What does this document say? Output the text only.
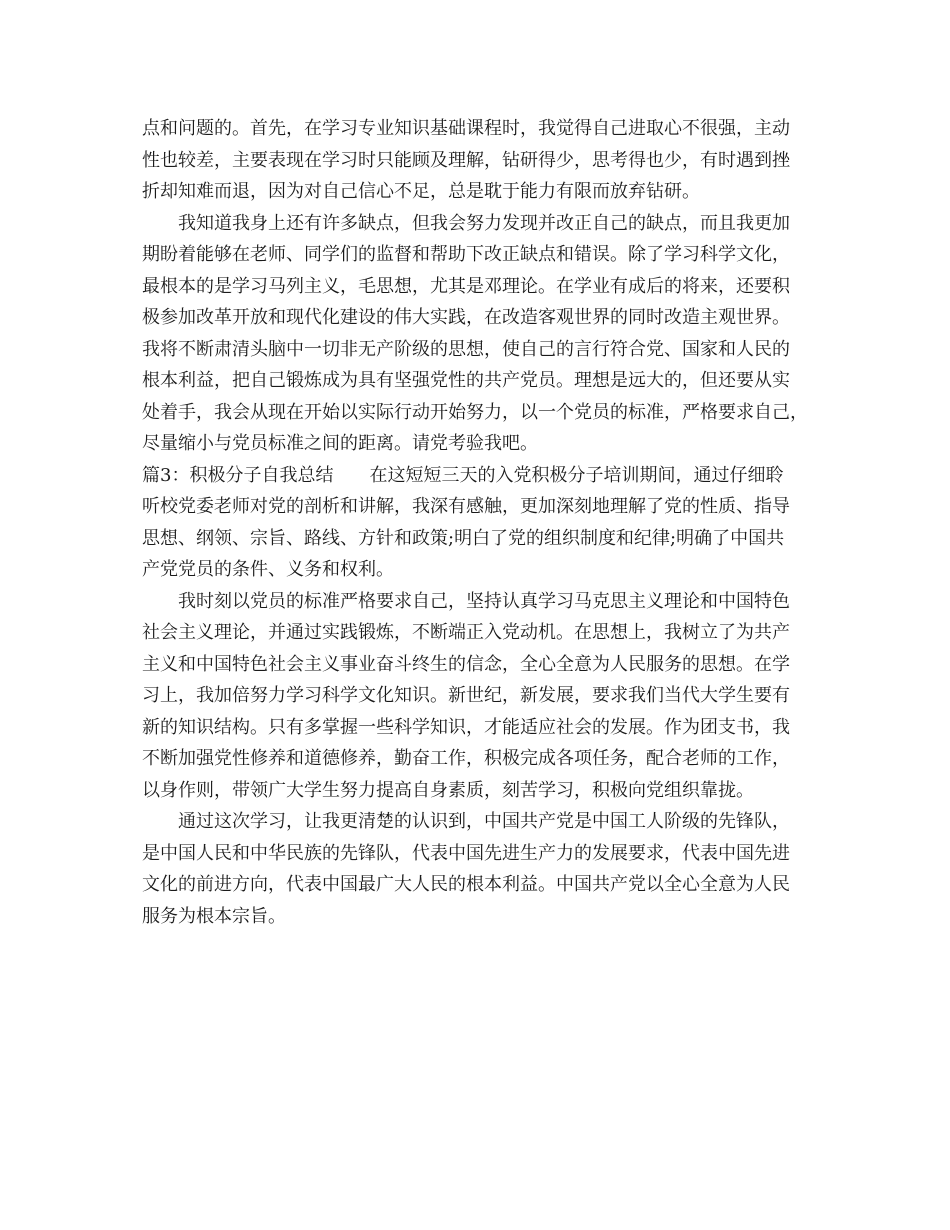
点和问题的。首先，在学习专业知识基础课程时，我觉得自己进取心不很强，主动
性也较差，主要表现在学习时只能顾及理解，钻研得少，思考得也少，有时遇到挫
折却知难而退，因为对自己信心不足，总是耽于能力有限而放弃钻研。
我知道我身上还有许多缺点，但我会努力发现并改正自己的缺点，而且我更加
期盼着能够在老师、同学们的监督和帮助下改正缺点和错误。除了学习科学文化，
最根本的是学习马列主义，毛思想，尤其是邓理论。在学业有成后的将来，还要积
极参加改革开放和现代化建设的伟大实践，在改造客观世界的同时改造主观世界。
我将不断肃清头脑中一切非无产阶级的思想，使自己的言行符合党、国家和人民的
根本利益，把自己锻炼成为具有坚强党性的共产党员。理想是远大的，但还要从实
处着手，我会从现在开始以实际行动开始努力，以一个党员的标准，严格要求自己，
尽量缩小与党员标准之间的距离。请党考验我吧。
篇3：积极分子自我总结 在这短短三天的入党积极分子培训期间，通过仔细聆
听校党委老师对党的剖析和讲解，我深有感触，更加深刻地理解了党的性质、指导
思想、纲领、宗旨、路线、方针和政策;明白了党的组织制度和纪律;明确了中国共
产党党员的条件、义务和权利。
我时刻以党员的标准严格要求自己，坚持认真学习马克思主义理论和中国特色
社会主义理论，并通过实践锻炼，不断端正入党动机。在思想上，我树立了为共产
主义和中国特色社会主义事业奋斗终生的信念，全心全意为人民服务的思想。在学
习上，我加倍努力学习科学文化知识。新世纪，新发展，要求我们当代大学生要有
新的知识结构。只有多掌握一些科学知识，才能适应社会的发展。作为团支书，我
不断加强党性修养和道德修养，勤奋工作，积极完成各项任务，配合老师的工作，
以身作则，带领广大学生努力提高自身素质，刻苦学习，积极向党组织靠拢。
通过这次学习，让我更清楚的认识到，中国共产党是中国工人阶级的先锋队，
是中国人民和中华民族的先锋队，代表中国先进生产力的发展要求，代表中国先进
文化的前进方向，代表中国最广大人民的根本利益。中国共产党以全心全意为人民
服务为根本宗旨。
